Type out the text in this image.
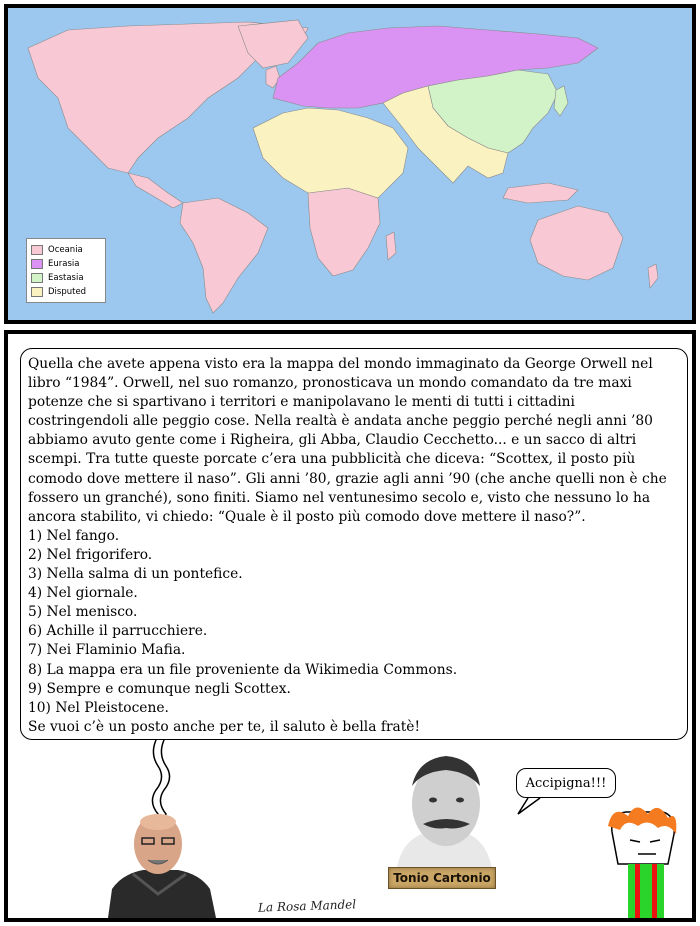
Oceania
Eurasia
Eastasia
Disputed

Quella che avete appena visto era la mappa del mondo immaginato da George Orwell nel libro “1984”. Orwell, nel suo romanzo, pronosticava un mondo comandato da tre maxi potenze che si spartivano i territori e manipolavano le menti di tutti i cittadini costringendoli alle peggio cose. Nella realtà è andata anche peggio perché negli anni ’80 abbiamo avuto gente come i Righeira, gli Abba, Claudio Cecchetto... e un sacco di altri scempi. Tra tutte queste porcate c’era una pubblicità che diceva: “Scottex, il posto più comodo dove mettere il naso”. Gli anni ’80, grazie agli anni ’90 (che anche quelli non è che fossero un granché), sono finiti. Siamo nel ventunesimo secolo e, visto che nessuno lo ha ancora stabilito, vi chiedo: “Quale è il posto più comodo dove mettere il naso?”.

1) Nel fango.
2) Nel frigorifero.
3) Nella salma di un pontefice.
4) Nel giornale.
5) Nel menisco.
6) Achille il parrucchiere.
7) Nei Flaminio Mafia.
8) La mappa era un file proveniente da Wikimedia Commons.
9) Sempre e comunque negli Scottex.
10) Nel Pleistocene.

Se vuoi c’è un posto anche per te, il saluto è bella fratè!

Accipigna!!!
Tonio Cartonio
La Rosa Mandel
